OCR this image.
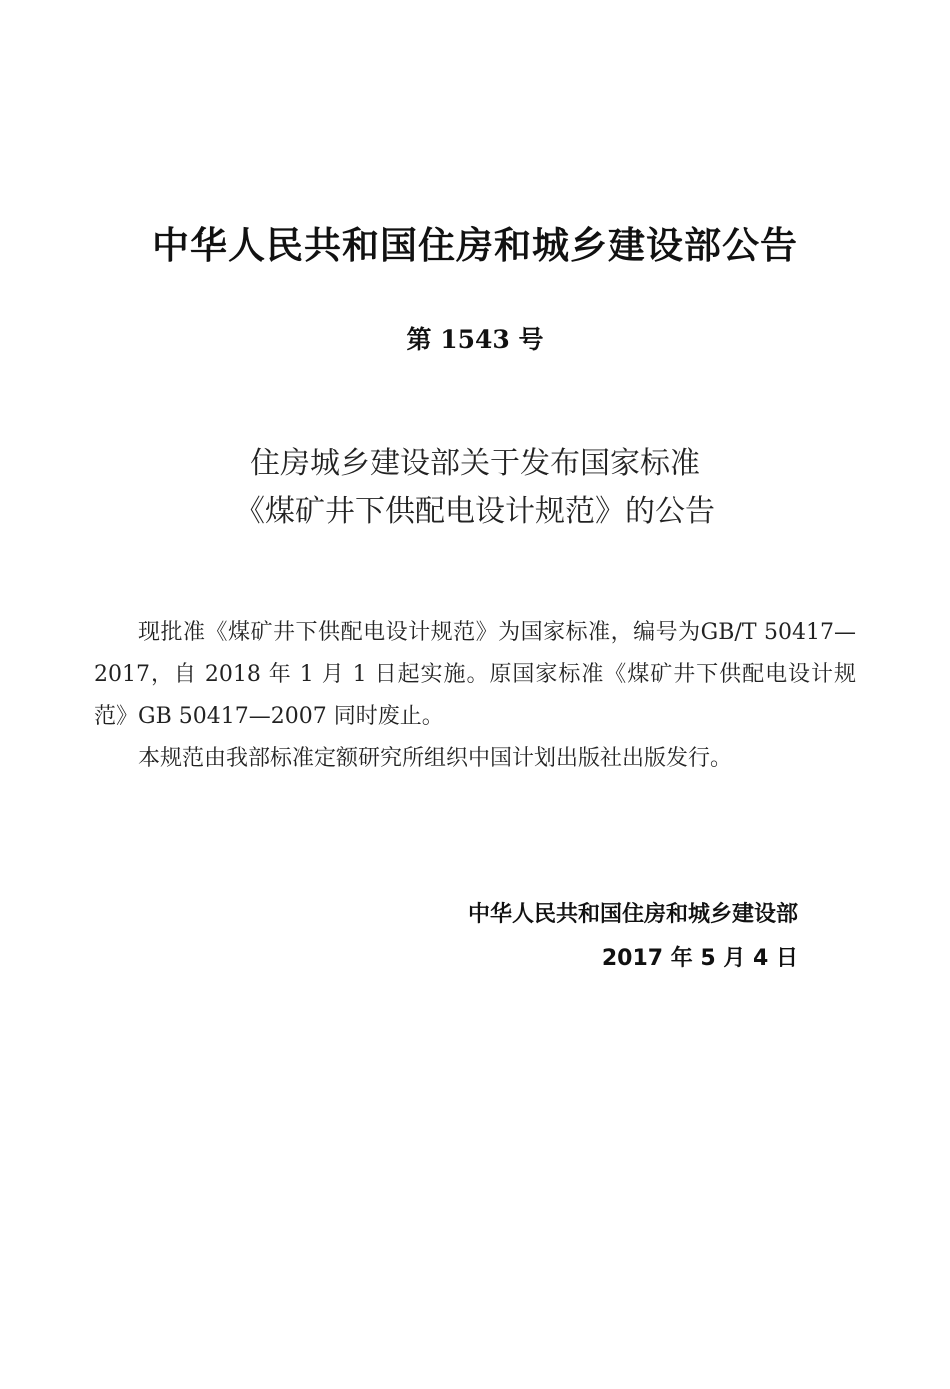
中华人民共和国住房和城乡建设部公告
第 1543 号
住房城乡建设部关于发布国家标准
《煤矿井下供配电设计规范》的公告

现批准《煤矿井下供配电设计规范》为国家标准，编号为GB/T 50417—2017，自 2018 年 1 月 1 日起实施。原国家标准《煤矿井下供配电设计规范》GB 50417—2007 同时废止。

本规范由我部标准定额研究所组织中国计划出版社出版发行。

中华人民共和国住房和城乡建设部
2017 年 5 月 4 日
